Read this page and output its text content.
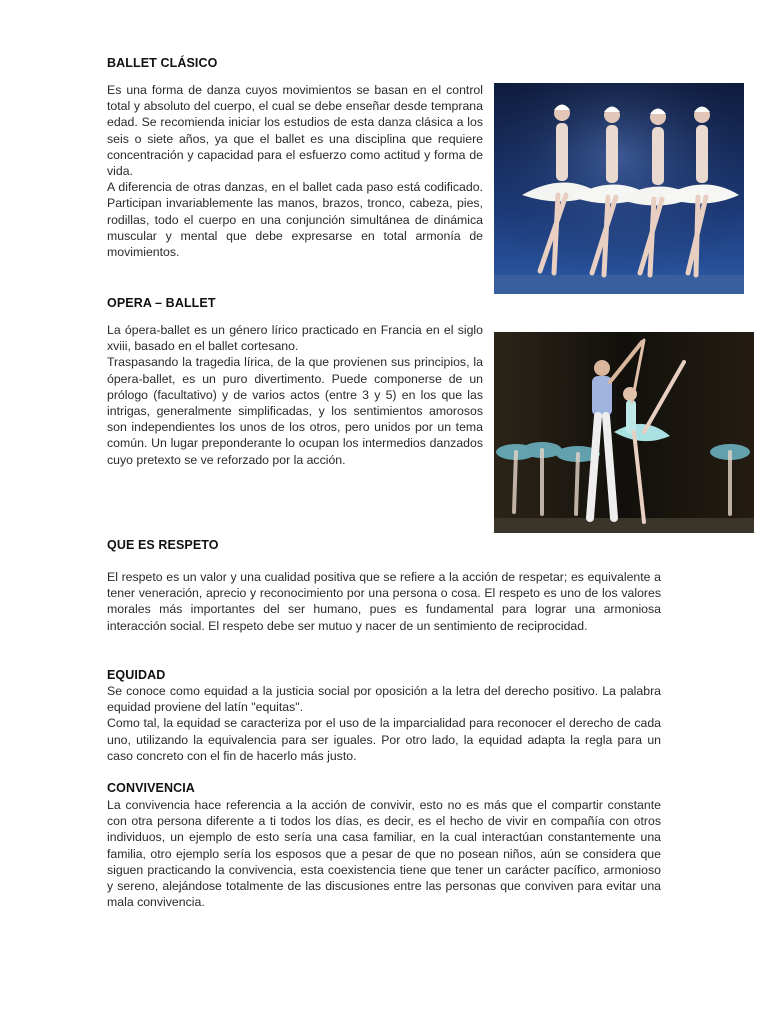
BALLET CLÁSICO

Es una forma de danza cuyos movimientos se basan en el control total y absoluto del cuerpo, el cual se debe enseñar desde temprana edad. Se recomienda iniciar los estudios de esta danza clásica a los seis o siete años, ya que el ballet es una disciplina que requiere concentración y capacidad para el esfuerzo como actitud y forma de vida.

A diferencia de otras danzas, en el ballet cada paso está codificado. Participan invariablemente las manos, brazos, tronco, cabeza, pies, rodillas, todo el cuerpo en una conjunción simultánea de dinámica muscular y mental que debe expresarse en total armonía de movimientos.

OPERA – BALLET

La ópera-ballet es un género lírico practicado en Francia en el siglo xviii, basado en el ballet cortesano.

Traspasando la tragedia lírica, de la que provienen sus principios, la ópera-ballet, es un puro divertimento. Puede componerse de un prólogo (facultativo) y de varios actos (entre 3 y 5) en los que las intrigas, generalmente simplificadas, y los sentimientos amorosos son independientes los unos de los otros, pero unidos por un tema común. Un lugar preponderante lo ocupan los intermedios danzados cuyo pretexto se ve reforzado por la acción.

QUE ES RESPETO

El respeto es un valor y una cualidad positiva que se refiere a la acción de respetar; es equivalente a tener veneración, aprecio y reconocimiento por una persona o cosa. El respeto es uno de los valores morales más importantes del ser humano, pues es fundamental para lograr una armoniosa interacción social. El respeto debe ser mutuo y nacer de un sentimiento de reciprocidad.

EQUIDAD

Se conoce como equidad a la justicia social por oposición a la letra del derecho positivo. La palabra equidad proviene del latín "equitas".

Como tal, la equidad se caracteriza por el uso de la imparcialidad para reconocer el derecho de cada uno, utilizando la equivalencia para ser iguales. Por otro lado, la equidad adapta la regla para un caso concreto con el fin de hacerlo más justo.

CONVIVENCIA

La convivencia hace referencia a la acción de convivir, esto no es más que el compartir constante con otra persona diferente a ti todos los días, es decir, es el hecho de vivir en compañía con otros individuos, un ejemplo de esto sería una casa familiar, en la cual interactúan constantemente una familia, otro ejemplo sería los esposos que a pesar de que no posean niños, aún se considera que siguen practicando la convivencia, esta coexistencia tiene que tener un carácter pacífico, armonioso y sereno, alejándose totalmente de las discusiones entre las personas que conviven para evitar una mala convivencia.
